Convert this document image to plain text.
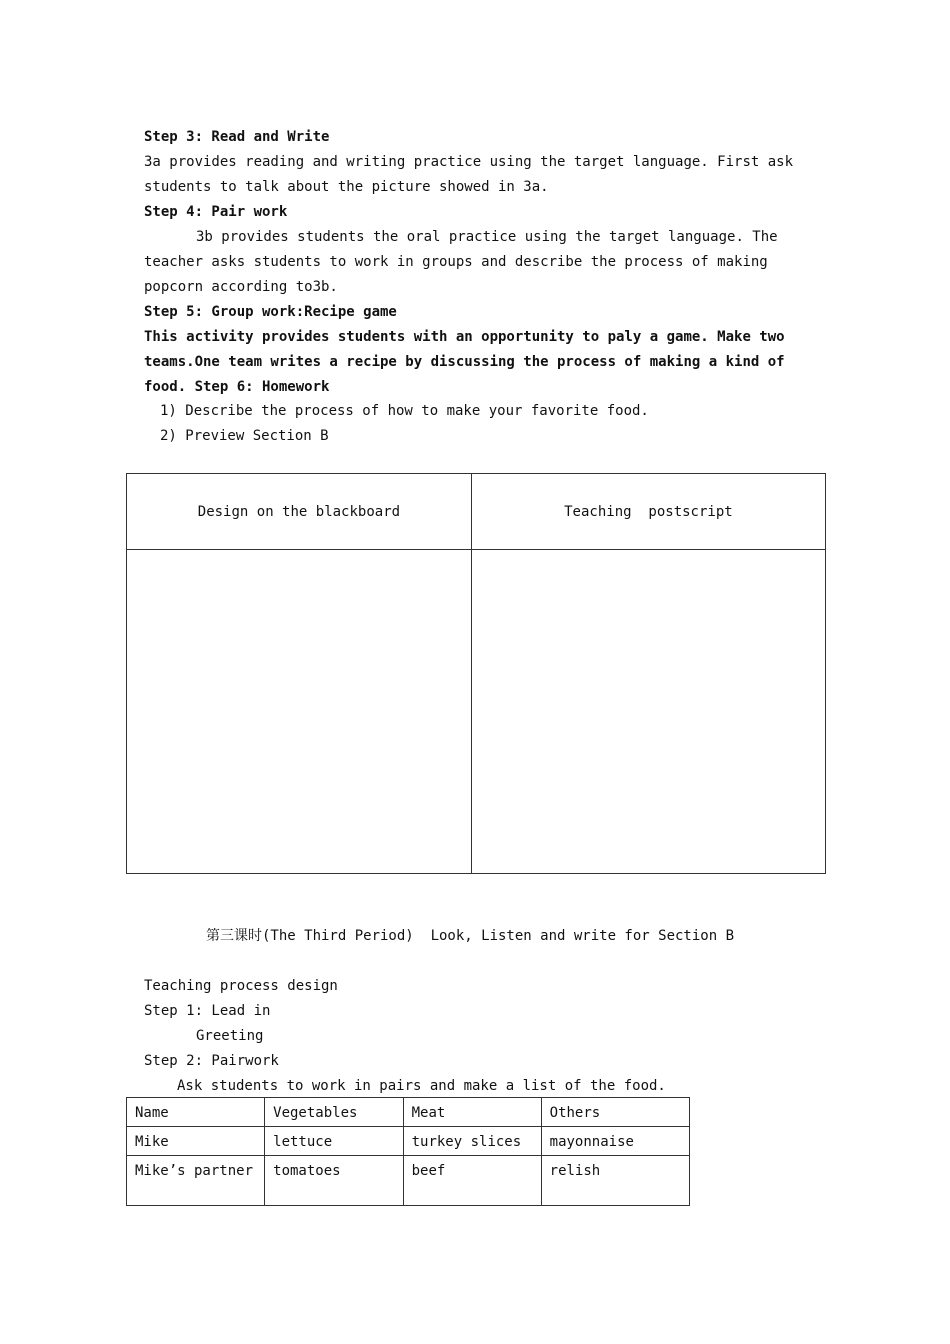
Step 3: Read and Write
3a provides reading and writing practice using the target language. First ask
students to talk about the picture showed in 3a.
Step 4: Pair work
3b provides students the oral practice using the target language. The
teacher asks students to work in groups and describe the process of making
popcorn according to3b.
Step 5: Group work:Recipe game
This activity provides students with an opportunity to paly a game. Make two
teams.One team writes a recipe by discussing the process of making a kind of
food. Step 6: Homework
1) Describe the process of how to make your favorite food.
2) Preview Section B
Design on the blackboard	Teaching  postscript

第三课时(The Third Period)  Look, Listen and write for Section B
Teaching process design
Step 1: Lead in
Greeting
Step 2: Pairwork
Ask students to work in pairs and make a list of the food.
Name	Vegetables	Meat	Others
Mike	lettuce	turkey slices	mayonnaise
Mike’s partner	tomatoes	beef	relish
